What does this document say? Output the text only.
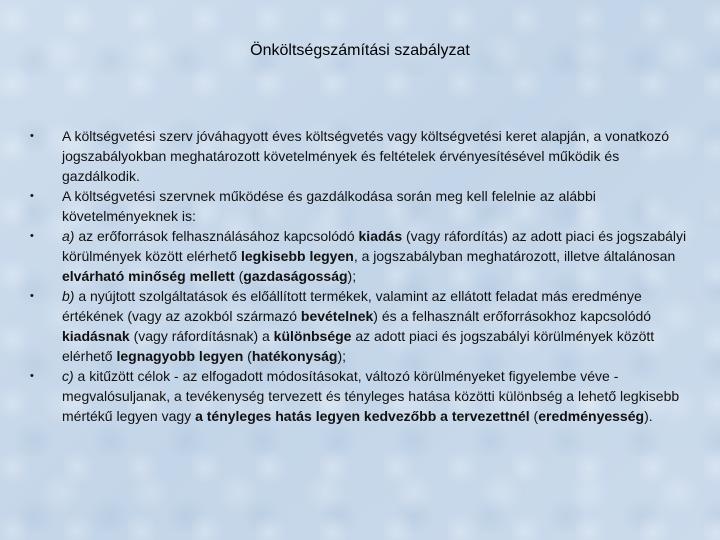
Önköltségszámítási szabályzat
• A költségvetési szerv jóváhagyott éves költségvetés vagy költségvetési keret alapján, a vonatkozó jogszabályokban meghatározott követelmények és feltételek érvényesítésével működik és gazdálkodik.
• A költségvetési szervnek működése és gazdálkodása során meg kell felelnie az alábbi követelményeknek is:
• a) az erőforrások felhasználásához kapcsolódó kiadás (vagy ráfordítás) az adott piaci és jogszabályi körülmények között elérhető legkisebb legyen, a jogszabályban meghatározott, illetve általánosan elvárható minőség mellett (gazdaságosság);
• b) a nyújtott szolgáltatások és előállított termékek, valamint az ellátott feladat más eredménye értékének (vagy az azokból származó bevételnek) és a felhasznált erőforrásokhoz kapcsolódó kiadásnak (vagy ráfordításnak) a különbsége az adott piaci és jogszabályi körülmények között elérhető legnagyobb legyen (hatékonyság);
• c) a kitűzött célok - az elfogadott módosításokat, változó körülményeket figyelembe véve - megvalósuljanak, a tevékenység tervezett és tényleges hatása közötti különbség a lehető legkisebb mértékű legyen vagy a tényleges hatás legyen kedvezőbb a tervezettnél (eredményesség).
